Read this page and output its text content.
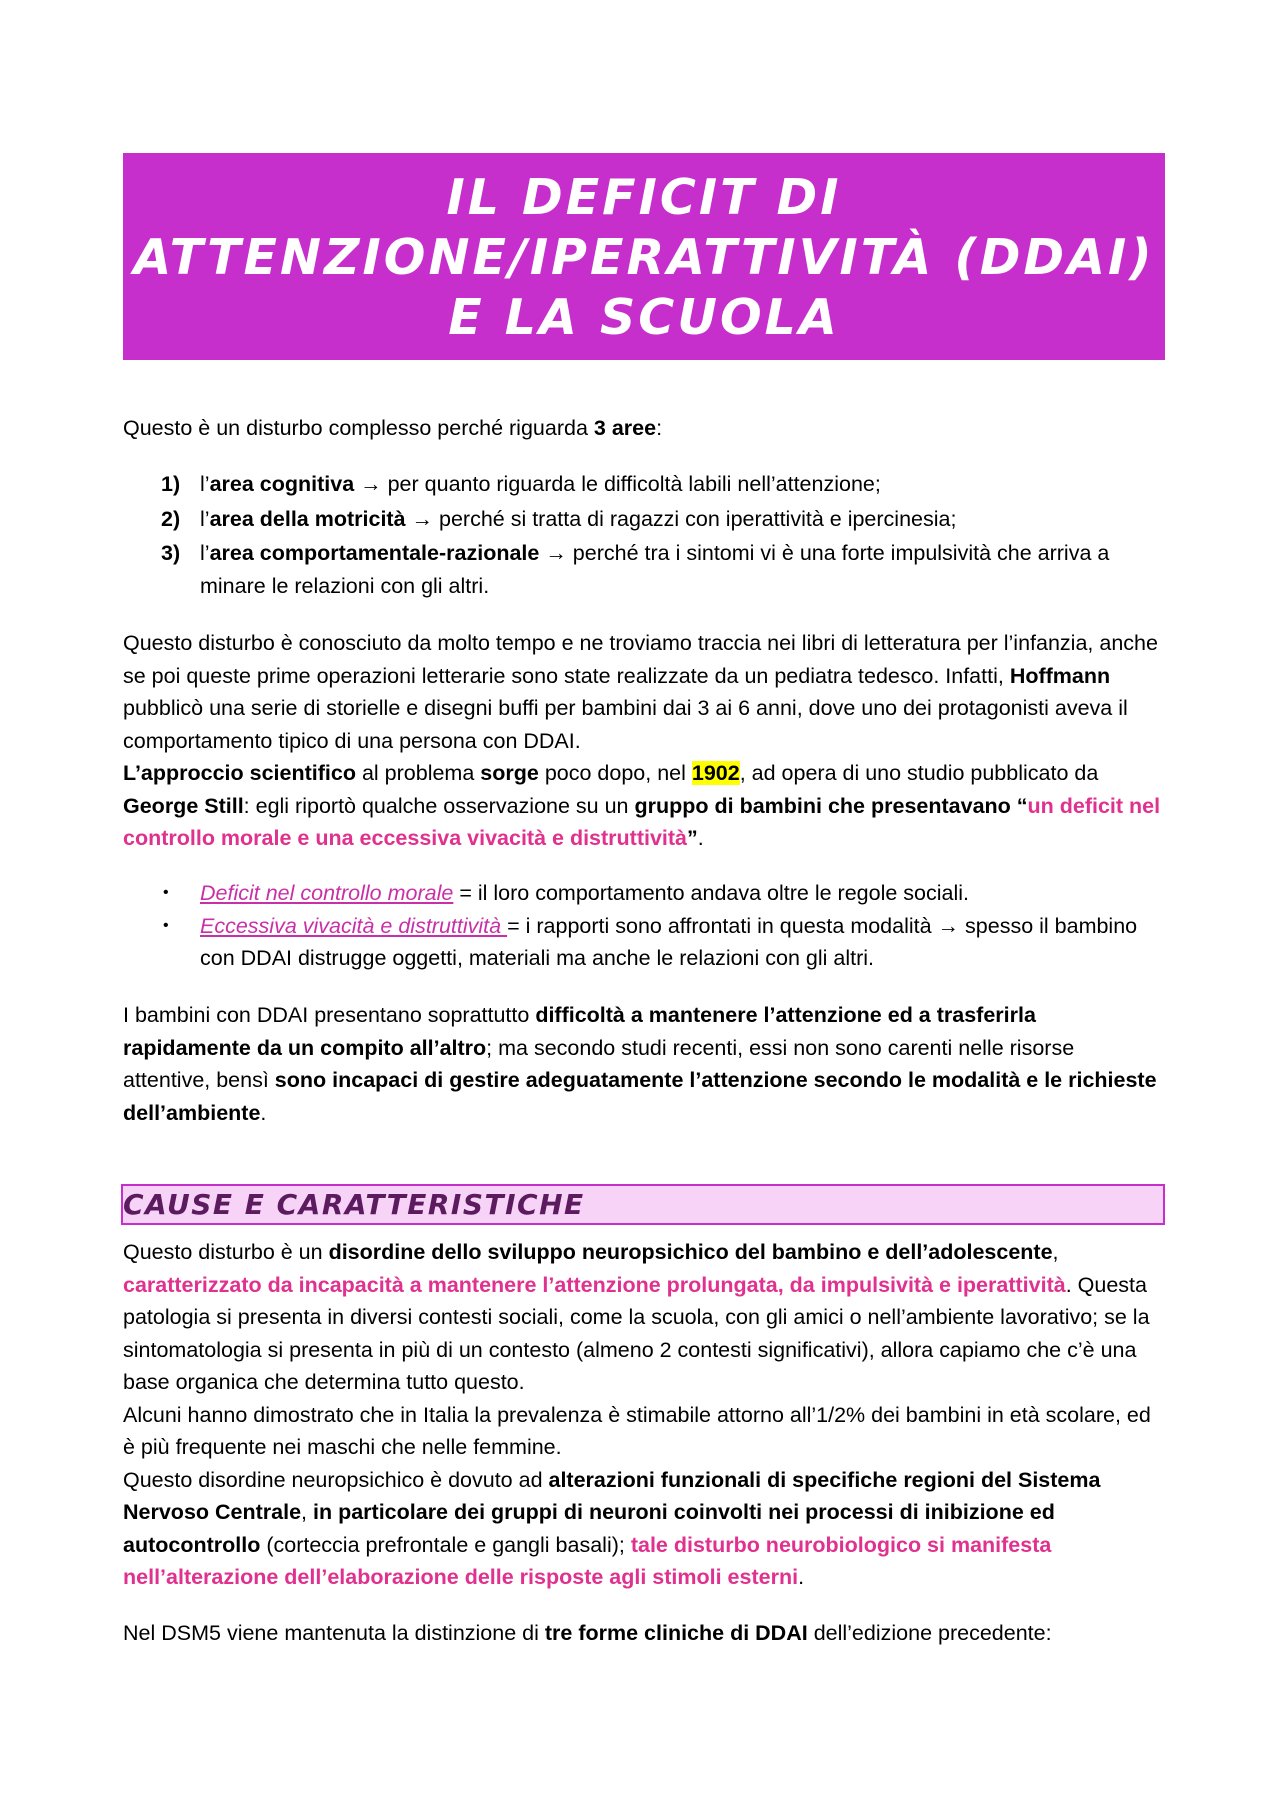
IL DEFICIT DI
ATTENZIONE/IPERATTIVITÀ (DDAI)
E LA SCUOLA

Questo è un disturbo complesso perché riguarda 3 aree:

1) l’area cognitiva → per quanto riguarda le difficoltà labili nell’attenzione;
2) l’area della motricità → perché si tratta di ragazzi con iperattività e ipercinesia;
3) l’area comportamentale-razionale → perché tra i sintomi vi è una forte impulsività che arriva a minare le relazioni con gli altri.

Questo disturbo è conosciuto da molto tempo e ne troviamo traccia nei libri di letteratura per l’infanzia, anche se poi queste prime operazioni letterarie sono state realizzate da un pediatra tedesco. Infatti, Hoffmann pubblicò una serie di storielle e disegni buffi per bambini dai 3 ai 6 anni, dove uno dei protagonisti aveva il comportamento tipico di una persona con DDAI.
L’approccio scientifico al problema sorge poco dopo, nel 1902, ad opera di uno studio pubblicato da George Still: egli riportò qualche osservazione su un gruppo di bambini che presentavano “un deficit nel controllo morale e una eccessiva vivacità e distruttività”.

• Deficit nel controllo morale = il loro comportamento andava oltre le regole sociali.
• Eccessiva vivacità e distruttività = i rapporti sono affrontati in questa modalità → spesso il bambino con DDAI distrugge oggetti, materiali ma anche le relazioni con gli altri.

I bambini con DDAI presentano soprattutto difficoltà a mantenere l’attenzione ed a trasferirla rapidamente da un compito all’altro; ma secondo studi recenti, essi non sono carenti nelle risorse attentive, bensì sono incapaci di gestire adeguatamente l’attenzione secondo le modalità e le richieste dell’ambiente.

CAUSE E CARATTERISTICHE

Questo disturbo è un disordine dello sviluppo neuropsichico del bambino e dell’adolescente, caratterizzato da incapacità a mantenere l’attenzione prolungata, da impulsività e iperattività. Questa patologia si presenta in diversi contesti sociali, come la scuola, con gli amici o nell’ambiente lavorativo; se la sintomatologia si presenta in più di un contesto (almeno 2 contesti significativi), allora capiamo che c’è una base organica che determina tutto questo.
Alcuni hanno dimostrato che in Italia la prevalenza è stimabile attorno all’1/2% dei bambini in età scolare, ed è più frequente nei maschi che nelle femmine.
Questo disordine neuropsichico è dovuto ad alterazioni funzionali di specifiche regioni del Sistema Nervoso Centrale, in particolare dei gruppi di neuroni coinvolti nei processi di inibizione ed autocontrollo (corteccia prefrontale e gangli basali); tale disturbo neurobiologico si manifesta nell’alterazione dell’elaborazione delle risposte agli stimoli esterni.

Nel DSM5 viene mantenuta la distinzione di tre forme cliniche di DDAI dell’edizione precedente:
